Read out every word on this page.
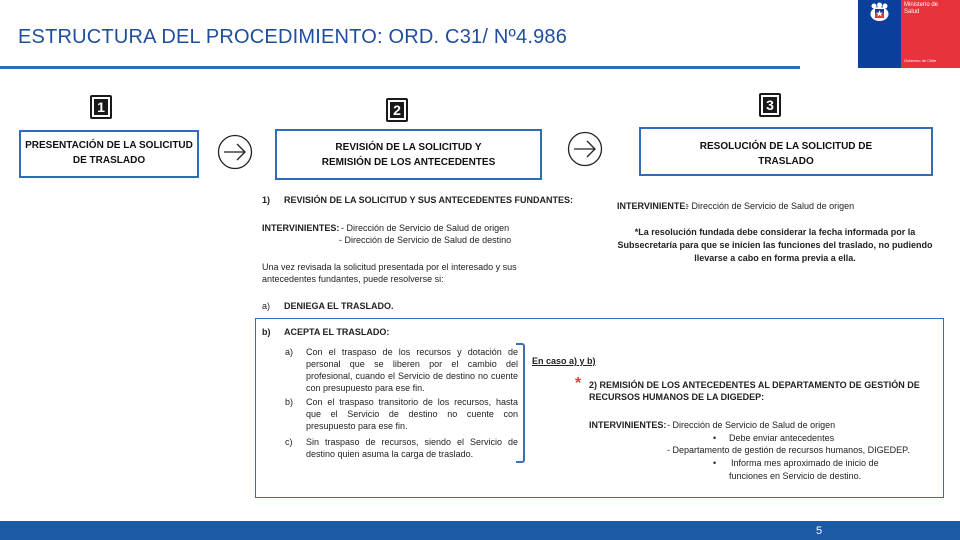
ESTRUCTURA DEL PROCEDIMIENTO: ORD. C31/ Nº4.986
Ministerio de
Salud
Gobierno de Chile
1	2	3
PRESENTACIÓN DE LA SOLICITUD
DE TRASLADO
REVISIÓN DE LA SOLICITUD Y
REMISIÓN DE LOS ANTECEDENTES
RESOLUCIÓN DE LA SOLICITUD DE
TRASLADO
1) REVISIÓN DE LA SOLICITUD Y SUS ANTECEDENTES FUNDANTES:
INTERVINIENTES: - Dirección de Servicio de Salud de origen
- Dirección de Servicio de Salud de destino
Una vez revisada la solicitud presentada por el interesado y sus
antecedentes fundantes, puede resolverse si:
a) DENIEGA EL TRASLADO.
b) ACEPTA EL TRASLADO:
a) Con el traspaso de los recursos y dotación de personal que se liberen por el cambio del profesional, cuando el Servicio de destino no cuente con presupuesto para ese fin.
b) Con el traspaso transitorio de los recursos, hasta que el Servicio de destino no cuente con presupuesto para ese fin.
c) Sin traspaso de recursos, siendo el Servicio de destino quien asuma la carga de traslado.
En caso a) y b)
* 2) REMISIÓN DE LOS ANTECEDENTES AL DEPARTAMENTO DE GESTIÓN DE
RECURSOS HUMANOS DE LA DIGEDEP:
INTERVINIENTES: - Dirección de Servicio de Salud de origen
• Debe enviar antecedentes
- Departamento de gestión de recursos humanos, DIGEDEP.
• Informa mes aproximado de inicio de
funciones en Servicio de destino.
INTERVINIENTE:
- Dirección de Servicio de Salud de origen
*La resolución fundada debe considerar la fecha informada por la
Subsecretaría para que se inicien las funciones del traslado, no pudiendo
llevarse a cabo en forma previa a ella.
5
